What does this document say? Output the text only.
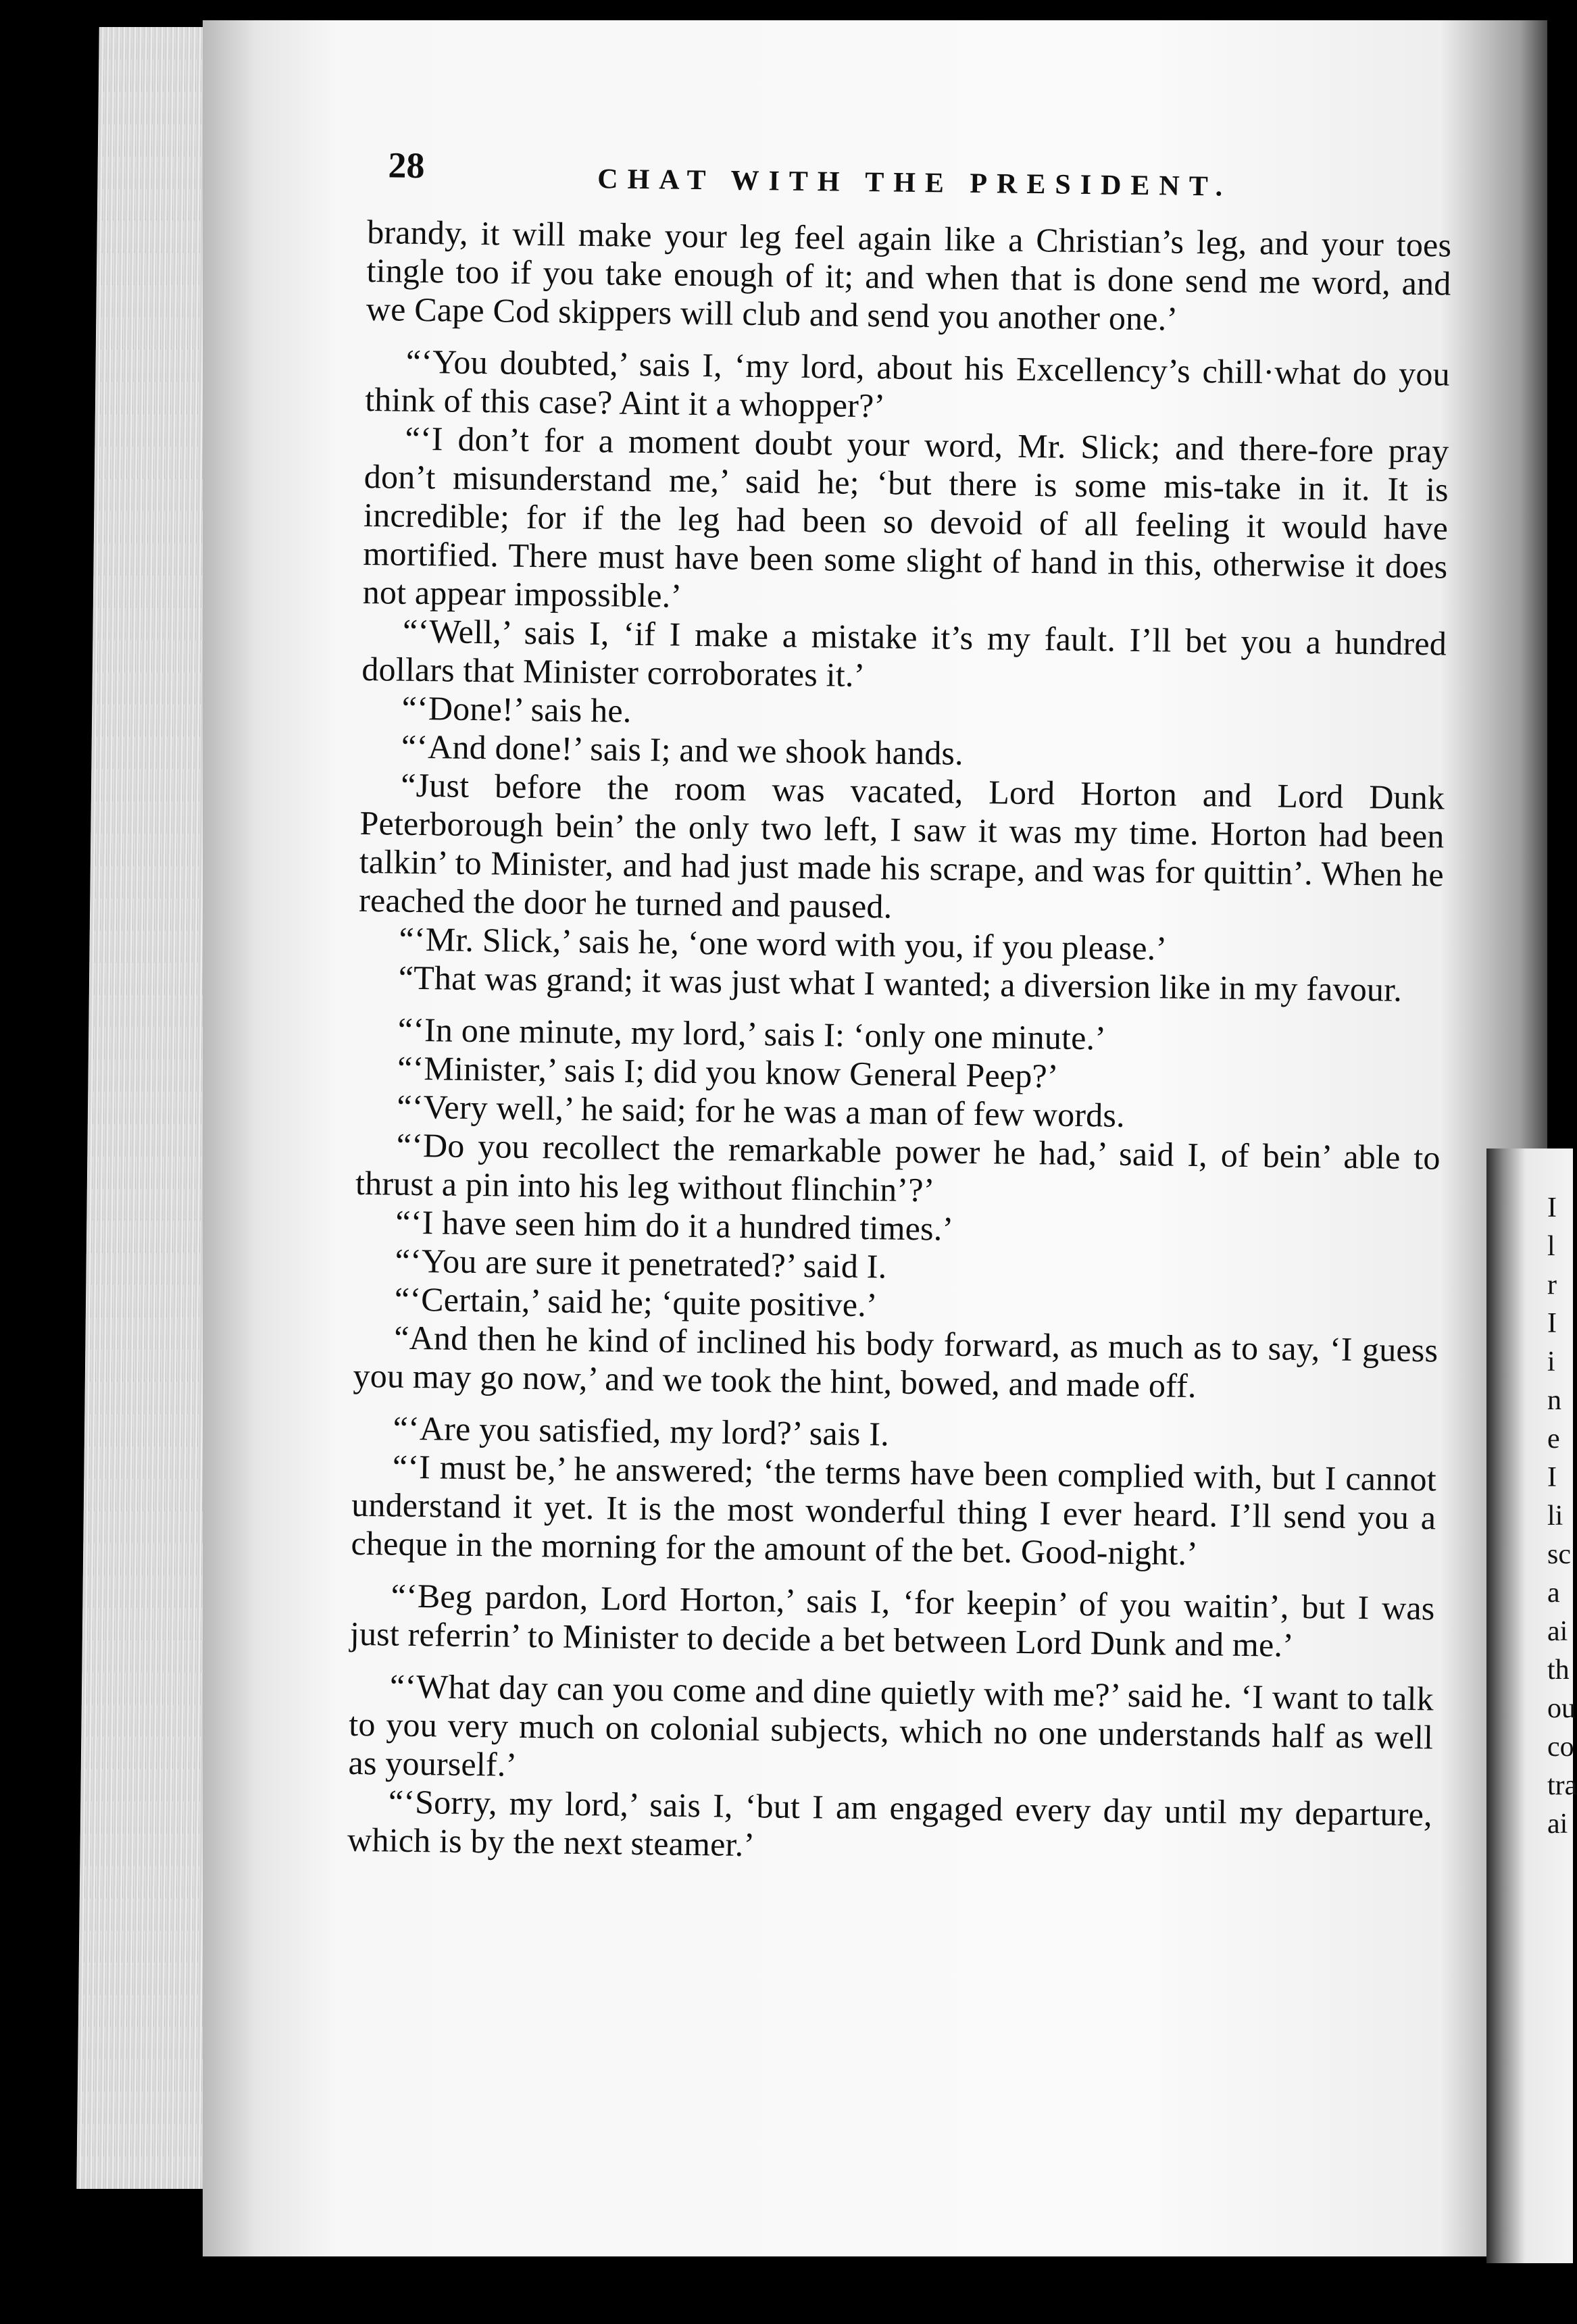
I
l
r
I
i
n
e
I
li
sc
a
ai
th
ou
co
tra
ai
28	CHAT WITH THE PRESIDENT.

brandy, it will make your leg feel again like a Christian’s leg, and your toes tingle too if you take enough of it; and when that is done send me word, and we Cape Cod skippers will club and send you another one.’

“‘You doubted,’ sais I, ‘my lord, about his Excellency’s chill·what do you think of this case? Aint it a whopper?’

“‘I don’t for a moment doubt your word, Mr. Slick; and there-fore pray don’t misunderstand me,’ said he; ‘but there is some mis-take in it. It is incredible; for if the leg had been so devoid of all feeling it would have mortified. There must have been some slight of hand in this, otherwise it does not appear impossible.’

“‘Well,’ sais I, ‘if I make a mistake it’s my fault. I’ll bet you a hundred dollars that Minister corroborates it.’

“‘Done!’ sais he.

“‘And done!’ sais I; and we shook hands.

“Just before the room was vacated, Lord Horton and Lord Dunk Peterborough bein’ the only two left, I saw it was my time. Horton had been talkin’ to Minister, and had just made his scrape, and was for quittin’. When he reached the door he turned and paused.

“‘Mr. Slick,’ sais he, ‘one word with you, if you please.’

“That was grand; it was just what I wanted; a diversion like in my favour.

“‘In one minute, my lord,’ sais I: ‘only one minute.’

“‘Minister,’ sais I; did you know General Peep?’

“‘Very well,’ he said; for he was a man of few words.

“‘Do you recollect the remarkable power he had,’ said I, of bein’ able to thrust a pin into his leg without flinchin’?’

“‘I have seen him do it a hundred times.’

“‘You are sure it penetrated?’ said I.

“‘Certain,’ said he; ‘quite positive.’

“And then he kind of inclined his body forward, as much as to say, ‘I guess you may go now,’ and we took the hint, bowed, and made off.

“‘Are you satisfied, my lord?’ sais I.

“‘I must be,’ he answered; ‘the terms have been complied with, but I cannot understand it yet. It is the most wonderful thing I ever heard. I’ll send you a cheque in the morning for the amount of the bet. Good-night.’

“‘Beg pardon, Lord Horton,’ sais I, ‘for keepin’ of you waitin’, but I was just referrin’ to Minister to decide a bet between Lord Dunk and me.’

“‘What day can you come and dine quietly with me?’ said he. ‘I want to talk to you very much on colonial subjects, which no one understands half as well as yourself.’

“‘Sorry, my lord,’ sais I, ‘but I am engaged every day until my departure, which is by the next steamer.’
